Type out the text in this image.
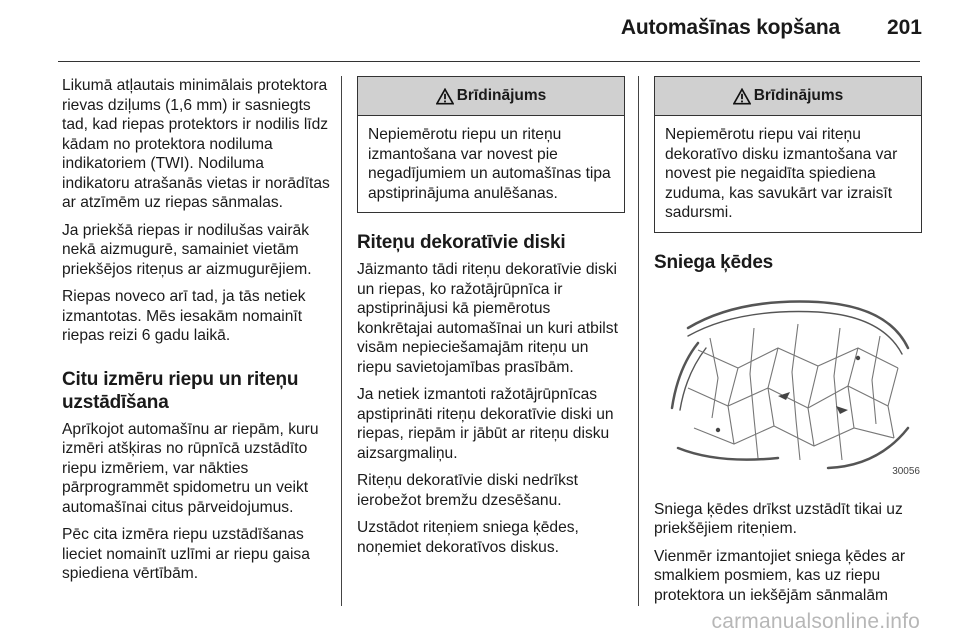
Automašīnas kopšana 201

Likumā atļautais minimālais protektora rievas dziļums (1,6 mm) ir sasniegts tad, kad riepas protektors ir nodilis līdz kādam no protektora nodiluma indikatoriem (TWI). Nodiluma indikatoru atrašanās vietas ir norādītas ar atzīmēm uz riepas sānmalas.

Ja priekšā riepas ir nodilušas vairāk nekā aizmugurē, samainiet vietām priekšējos riteņus ar aizmugurējiem.

Riepas noveco arī tad, ja tās netiek izmantotas. Mēs iesakām nomainīt riepas reizi 6 gadu laikā.

Citu izmēru riepu un riteņu uzstādīšana

Aprīkojot automašīnu ar riepām, kuru izmēri atšķiras no rūpnīcā uzstādīto riepu izmēriem, var nākties pārprogrammēt spidometru un veikt automašīnai citus pārveidojumus.

Pēc cita izmēra riepu uzstādīšanas lieciet nomainīt uzlīmi ar riepu gaisa spiediena vērtībām.

Brīdinājums
Nepiemērotu riepu un riteņu izmantošana var novest pie negadījumiem un automašīnas tipa apstiprinājuma anulēšanas.
Riteņu dekoratīvie diski

Jāizmanto tādi riteņu dekoratīvie diski un riepas, ko ražotājrūpnīca ir apstiprinājusi kā piemērotus konkrētajai automašīnai un kuri atbilst visām nepieciešamajām riteņu un riepu savietojamības prasībām.

Ja netiek izmantoti ražotājrūpnīcas apstiprināti riteņu dekoratīvie diski un riepas, riepām ir jābūt ar riteņu disku aizsargmaliņu.

Riteņu dekoratīvie diski nedrīkst ierobežot bremžu dzesēšanu.

Uzstādot riteņiem sniega ķēdes, noņemiet dekoratīvos diskus.

Brīdinājums
Nepiemērotu riepu vai riteņu dekoratīvo disku izmantošana var novest pie negaidīta spiediena zuduma, kas savukārt var izraisīt sadursmi.
Sniega ķēdes
30056

Sniega ķēdes drīkst uzstādīt tikai uz priekšējiem riteņiem.

Vienmēr izmantojiet sniega ķēdes ar smalkiem posmiem, kas uz riepu protektora un iekšējām sānmalām

carmanualsonline.info
